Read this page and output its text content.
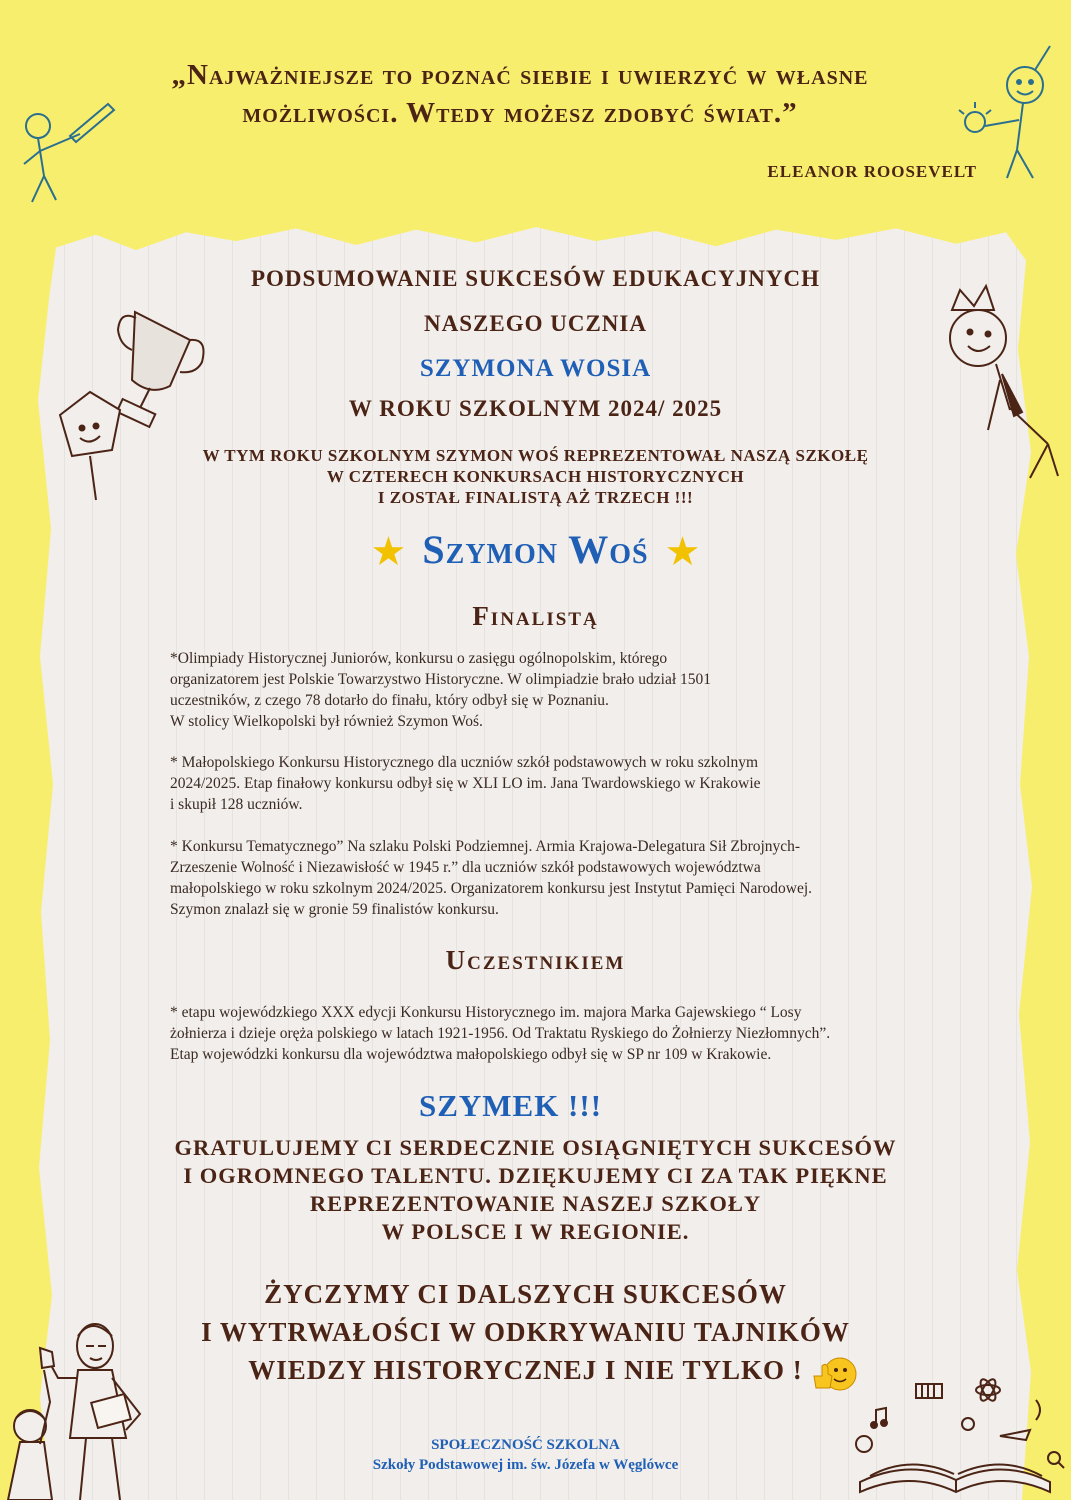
„Najważniejsze to poznać siebie i uwierzyć w własne
możliwości. Wtedy możesz zdobyć świat.”
ELEANOR ROOSEVELT
PODSUMOWANIE SUKCESÓW EDUKACYJNYCH
NASZEGO UCZNIA
SZYMONA WOSIA
W ROKU SZKOLNYM 2024/ 2025
W TYM ROKU SZKOLNYM SZYMON WOŚ REPREZENTOWAŁ NASZĄ SZKOŁĘ
W CZTERECH KONKURSACH HISTORYCZNYCH
I ZOSTAŁ FINALISTĄ AŻ TRZECH !!!
★ Szymon Woś ★
Finalistą
*Olimpiady Historycznej Juniorów, konkursu o zasięgu ogólnopolskim, którego
organizatorem jest Polskie Towarzystwo Historyczne. W olimpiadzie brało udział 1501
uczestników, z czego 78 dotarło do finału, który odbył się w Poznaniu.
W stolicy Wielkopolski był również Szymon Woś.
* Małopolskiego Konkursu Historycznego dla uczniów szkół podstawowych w roku szkolnym
2024/2025. Etap finałowy konkursu odbył się w XLI LO im. Jana Twardowskiego w Krakowie
i skupił 128 uczniów.
* Konkursu Tematycznego” Na szlaku Polski Podziemnej. Armia Krajowa-Delegatura Sił Zbrojnych-
Zrzeszenie Wolność i Niezawisłość w 1945 r.” dla uczniów szkół podstawowych województwa
małopolskiego w roku szkolnym 2024/2025. Organizatorem konkursu jest Instytut Pamięci Narodowej.
Szymon znalazł się w gronie 59 finalistów konkursu.
Uczestnikiem
* etapu wojewódzkiego XXX edycji Konkursu Historycznego im. majora Marka Gajewskiego “ Losy
żołnierza i dzieje oręża polskiego w latach 1921-1956. Od Traktatu Ryskiego do Żołnierzy Niezłomnych”.
Etap wojewódzki konkursu dla województwa małopolskiego odbył się w SP nr 109 w Krakowie.
SZYMEK !!!
GRATULUJEMY CI SERDECZNIE OSIĄGNIĘTYCH SUKCESÓW
I OGROMNEGO TALENTU. DZIĘKUJEMY CI ZA TAK PIĘKNE
REPREZENTOWANIE NASZEJ SZKOŁY
W POLSCE I W REGIONIE.
ŻYCZYMY CI DALSZYCH SUKCESÓW
I WYTRWAŁOŚCI W ODKRYWANIU TAJNIKÓW
WIEDZY HISTORYCZNEJ I NIE TYLKO !
SPOŁECZNOŚĆ SZKOLNA
Szkoły Podstawowej im. św. Józefa w Węglówce
